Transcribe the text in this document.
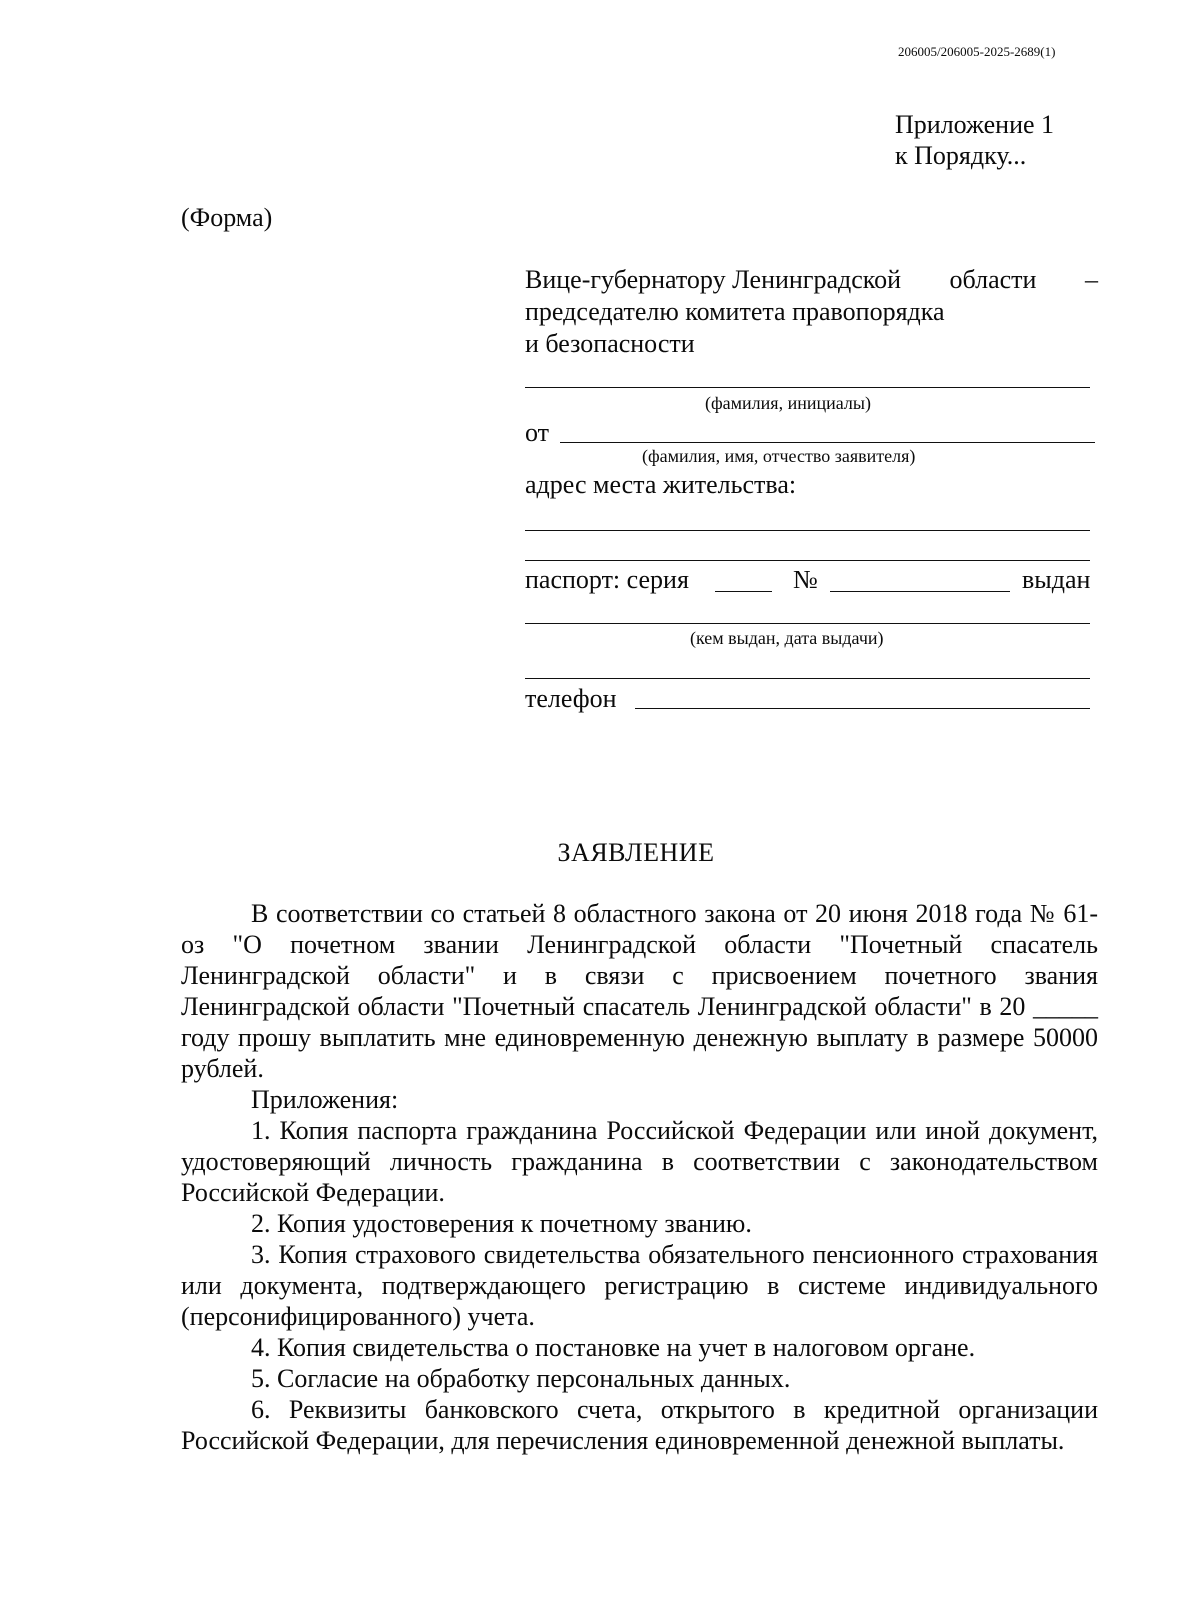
206005/206005-2025-2689(1)
Приложение 1
к Порядку...
(Форма)
Вице-губернатору Ленинградской области –
председателю комитета правопорядка
и безопасности
(фамилия, инициалы)
от
(фамилия, имя, отчество заявителя)
адрес места жительства:
паспорт: серия	№	выдан
(кем выдан, дата выдачи)
телефон
ЗАЯВЛЕНИЕ

В соответствии со статьей 8 областного закона от 20 июня 2018 года № 61-оз "О почетном звании Ленинградской области "Почетный спасатель Ленинградской области" и в связи с присвоением почетного звания Ленинградской области "Почетный спасатель Ленинградской области" в 20 _____ году прошу выплатить мне единовременную денежную выплату в размере 50000 рублей.

Приложения:

1. Копия паспорта гражданина Российской Федерации или иной документ, удостоверяющий личность гражданина в соответствии с законодательством Российской Федерации.

2. Копия удостоверения к почетному званию.

3. Копия страхового свидетельства обязательного пенсионного страхования или документа, подтверждающего регистрацию в системе индивидуального (персонифицированного) учета.

4. Копия свидетельства о постановке на учет в налоговом органе.

5. Согласие на обработку персональных данных.

6. Реквизиты банковского счета, открытого в кредитной организации Российской Федерации, для перечисления единовременной денежной выплаты.
